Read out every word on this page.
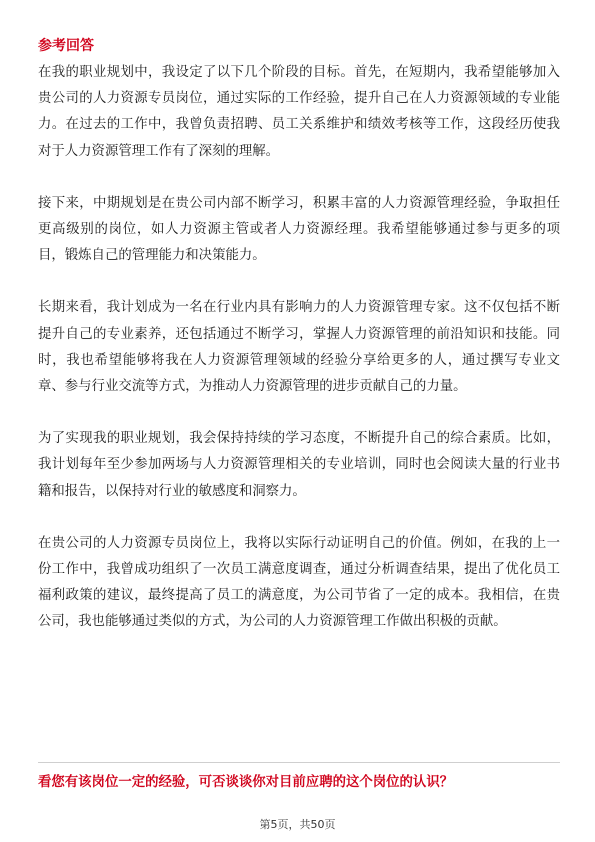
参考回答

在我的职业规划中，我设定了以下几个阶段的目标。首先，在短期内，我希望能够加入贵公司的人力资源专员岗位，通过实际的工作经验，提升自己在人力资源领域的专业能力。在过去的工作中，我曾负责招聘、员工关系维护和绩效考核等工作，这段经历使我对于人力资源管理工作有了深刻的理解。

接下来，中期规划是在贵公司内部不断学习，积累丰富的人力资源管理经验，争取担任更高级别的岗位，如人力资源主管或者人力资源经理。我希望能够通过参与更多的项目，锻炼自己的管理能力和决策能力。

长期来看，我计划成为一名在行业内具有影响力的人力资源管理专家。这不仅包括不断提升自己的专业素养，还包括通过不断学习，掌握人力资源管理的前沿知识和技能。同时，我也希望能够将我在人力资源管理领域的经验分享给更多的人，通过撰写专业文章、参与行业交流等方式，为推动人力资源管理的进步贡献自己的力量。

为了实现我的职业规划，我会保持持续的学习态度，不断提升自己的综合素质。比如，我计划每年至少参加两场与人力资源管理相关的专业培训，同时也会阅读大量的行业书籍和报告，以保持对行业的敏感度和洞察力。

在贵公司的人力资源专员岗位上，我将以实际行动证明自己的价值。例如，在我的上一份工作中，我曾成功组织了一次员工满意度调查，通过分析调查结果，提出了优化员工福利政策的建议，最终提高了员工的满意度，为公司节省了一定的成本。我相信，在贵公司，我也能够通过类似的方式，为公司的人力资源管理工作做出积极的贡献。

看您有该岗位一定的经验，可否谈谈你对目前应聘的这个岗位的认识？

第5页，共50页
